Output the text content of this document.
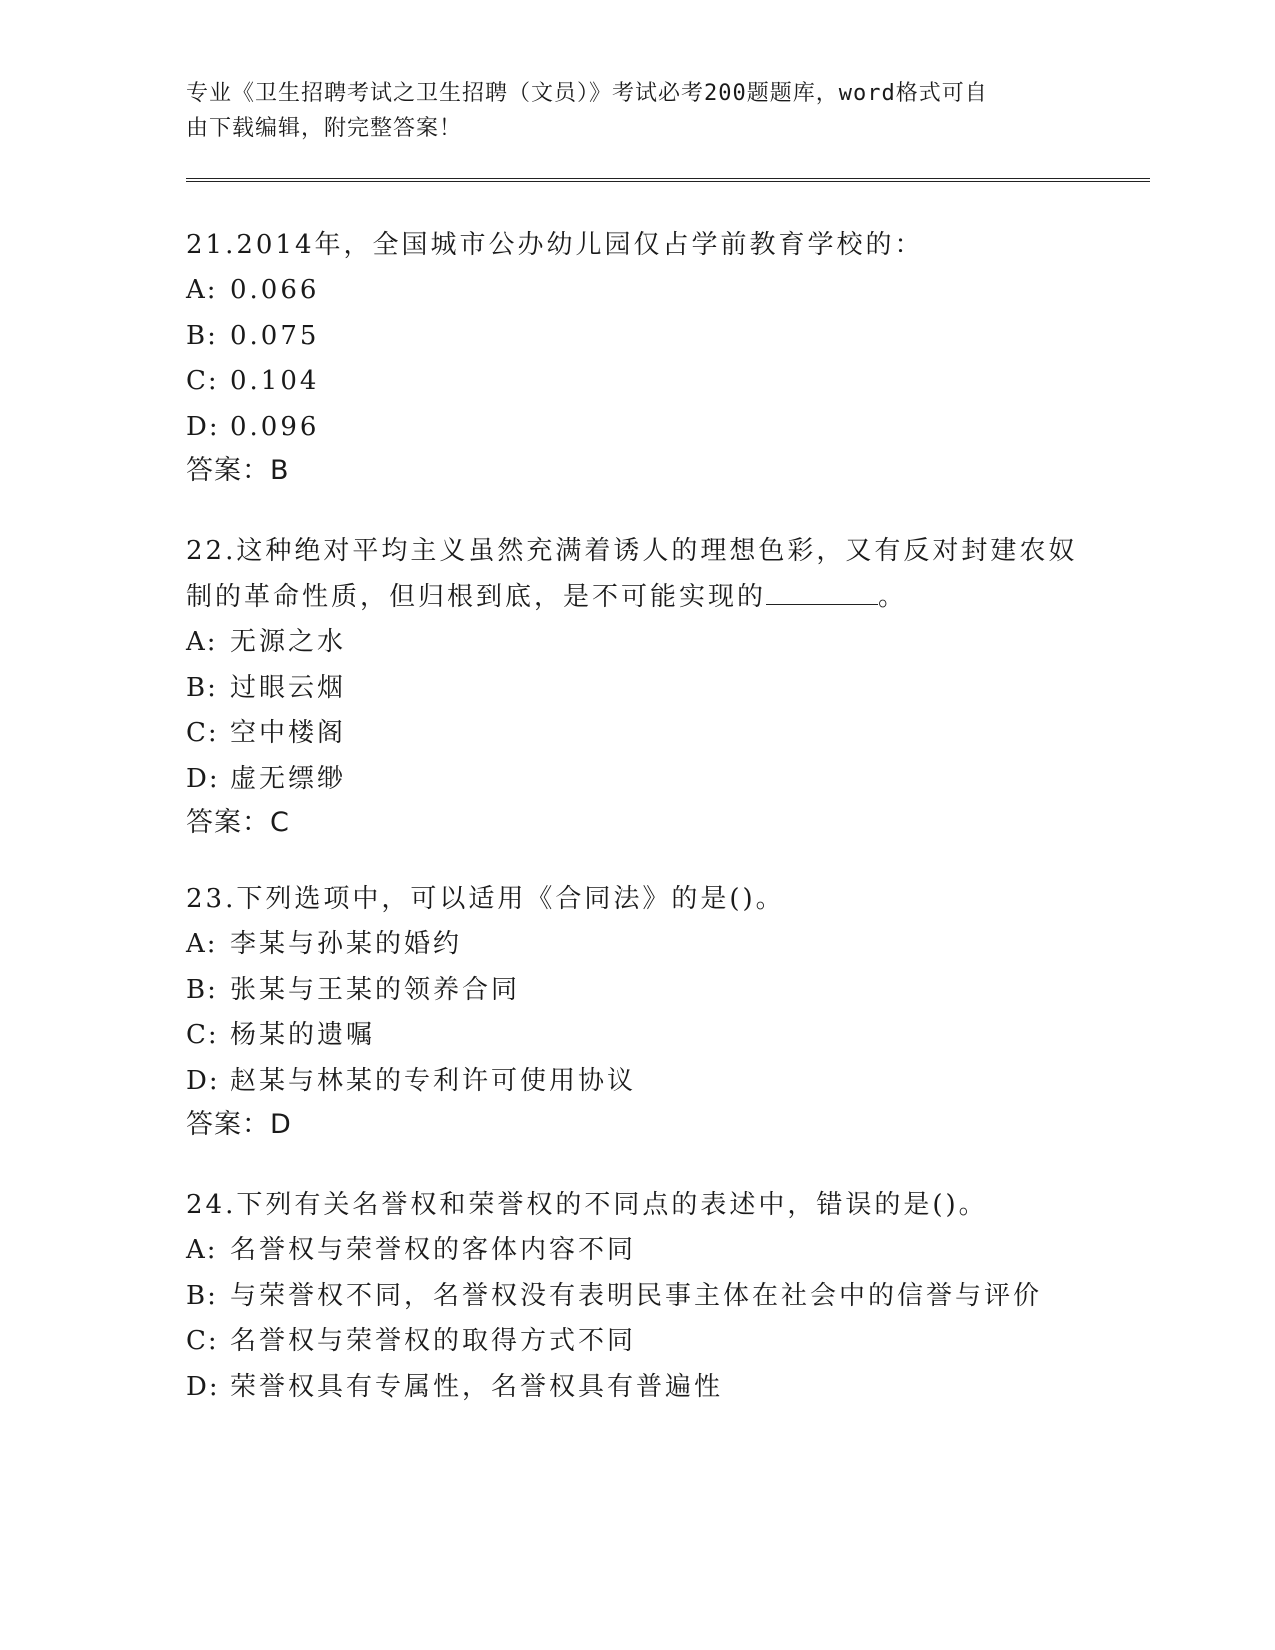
专业《卫生招聘考试之卫生招聘（文员）》考试必考200题题库，word格式可自
由下载编辑，附完整答案！

21.2014年，全国城市公办幼儿园仅占学前教育学校的：

A: 0.066

B: 0.075

C: 0.104

D: 0.096

答案：B

22.这种绝对平均主义虽然充满着诱人的理想色彩，又有反对封建农奴

制的革命性质，但归根到底，是不可能实现的	。

A: 无源之水

B: 过眼云烟

C: 空中楼阁

D: 虚无缥缈

答案：C

23.下列选项中，可以适用《合同法》的是()。

A: 李某与孙某的婚约

B: 张某与王某的领养合同

C: 杨某的遗嘱

D: 赵某与林某的专利许可使用协议

答案：D

24.下列有关名誉权和荣誉权的不同点的表述中，错误的是()。

A: 名誉权与荣誉权的客体内容不同

B: 与荣誉权不同，名誉权没有表明民事主体在社会中的信誉与评价

C: 名誉权与荣誉权的取得方式不同

D: 荣誉权具有专属性，名誉权具有普遍性
